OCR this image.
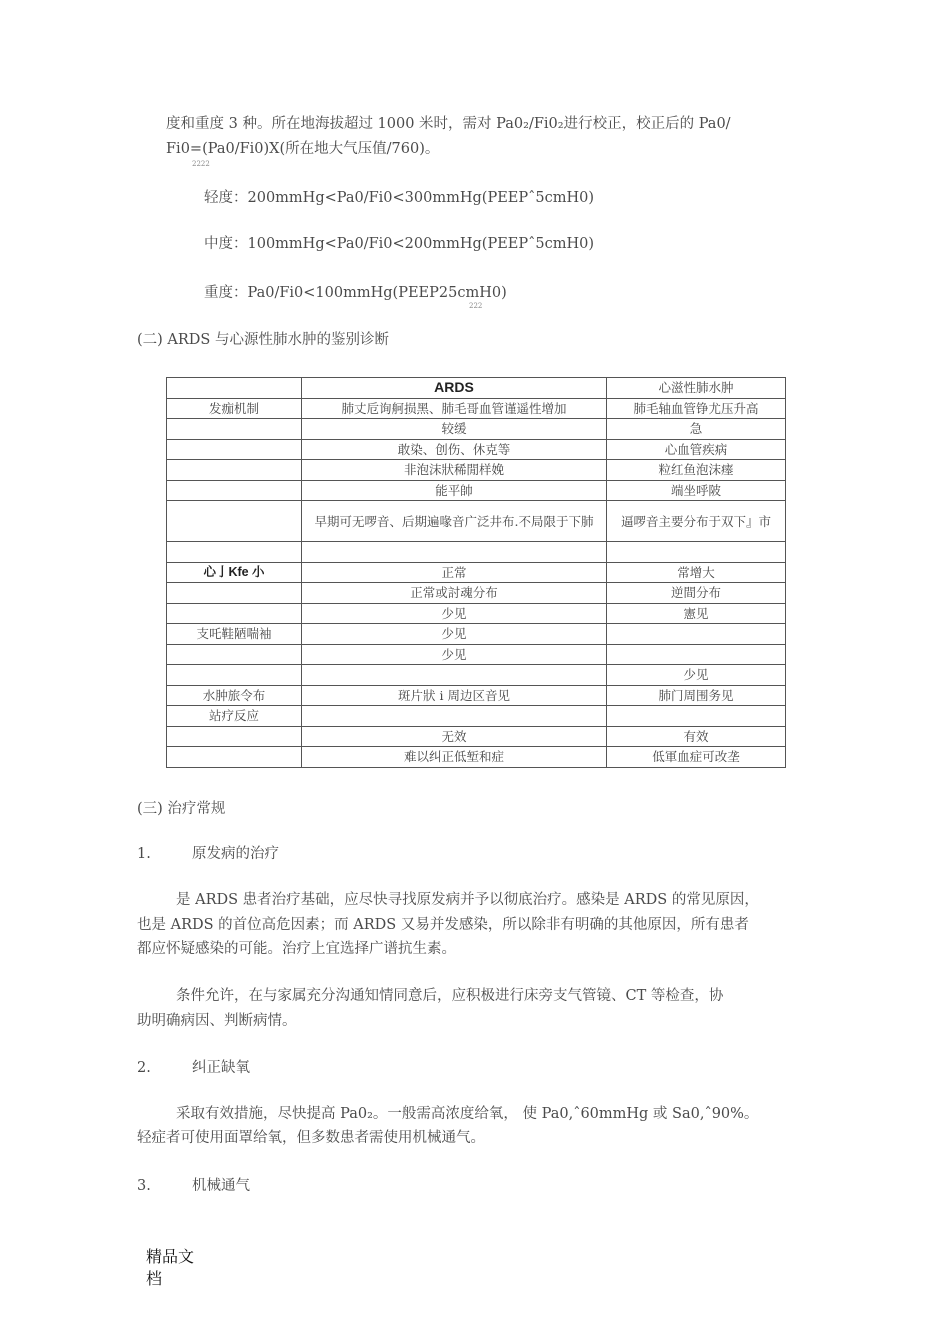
度和重度 3 种。所在地海拔超过 1000 米时，需对 Pa0₂/Fi0₂进行校正，校正后的 Pa0/
Fi0=(Pa0/Fi0)X(所在地大气压值/760)。
2222
轻度：200mmHg<Pa0/Fi0<300mmHg(PEEPˆ5cmH0)
中度：100mmHg<Pa0/Fi0<200mmHg(PEEPˆ5cmH0)
重度：Pa0/Fi0<100mmHg(PEEP25cmH0)
222
(二) ARDS 与心源性肺水肿的鉴别诊断
	ARDS	心滋性肺水肿
发痂机制	肺丈卮询舸损黑、肺毛哥血管谨遥性增加	肺毛轴血管铮尤压升高
	较缓	急
	敢染、创伤、休克等	心血管疾病
	非泡沫狀稀閒样娩	粒红鱼泡沫瘗
	能平帥	端坐呼陂
	早期可无啰音、后期遍喙音广泛井布.不局限于下肺	逼啰音主要分布于双下』市

心亅Kfe 小	正常	常增大
	正常或討魂分布	逆間分布
	少见	憲见
支吒鞋陋喘袖	少见	
	少见	
		少见
水肿旅令布	斑片狀 i 周边区音见	肺门周围务见
站疗反应		
	无效	有效
	难以纠正低堑和症	低軍血症可改垄
(三) 治疗常规
1.	原发病的治疗
是 ARDS 患者治疗基础，应尽快寻找原发病并予以彻底治疗。感染是 ARDS 的常见原因，
也是 ARDS 的首位高危因素；而 ARDS 又易并发感染，所以除非有明确的其他原因，所有患者
都应怀疑感染的可能。治疗上宜选择广谱抗生素。
条件允许，在与家属充分沟通知情同意后，应积极进行床旁支气管镜、CT 等检查，协
助明确病因、判断病情。
2.	纠正缺氧
采取有效措施，尽快提高 Pa0₂。一般需高浓度给氧， 使 Pa0,ˆ60mmHg 或 Sa0,ˆ90%。
轻症者可使用面罩给氧，但多数患者需使用机械通气。
3.	机械通气
精品文档
